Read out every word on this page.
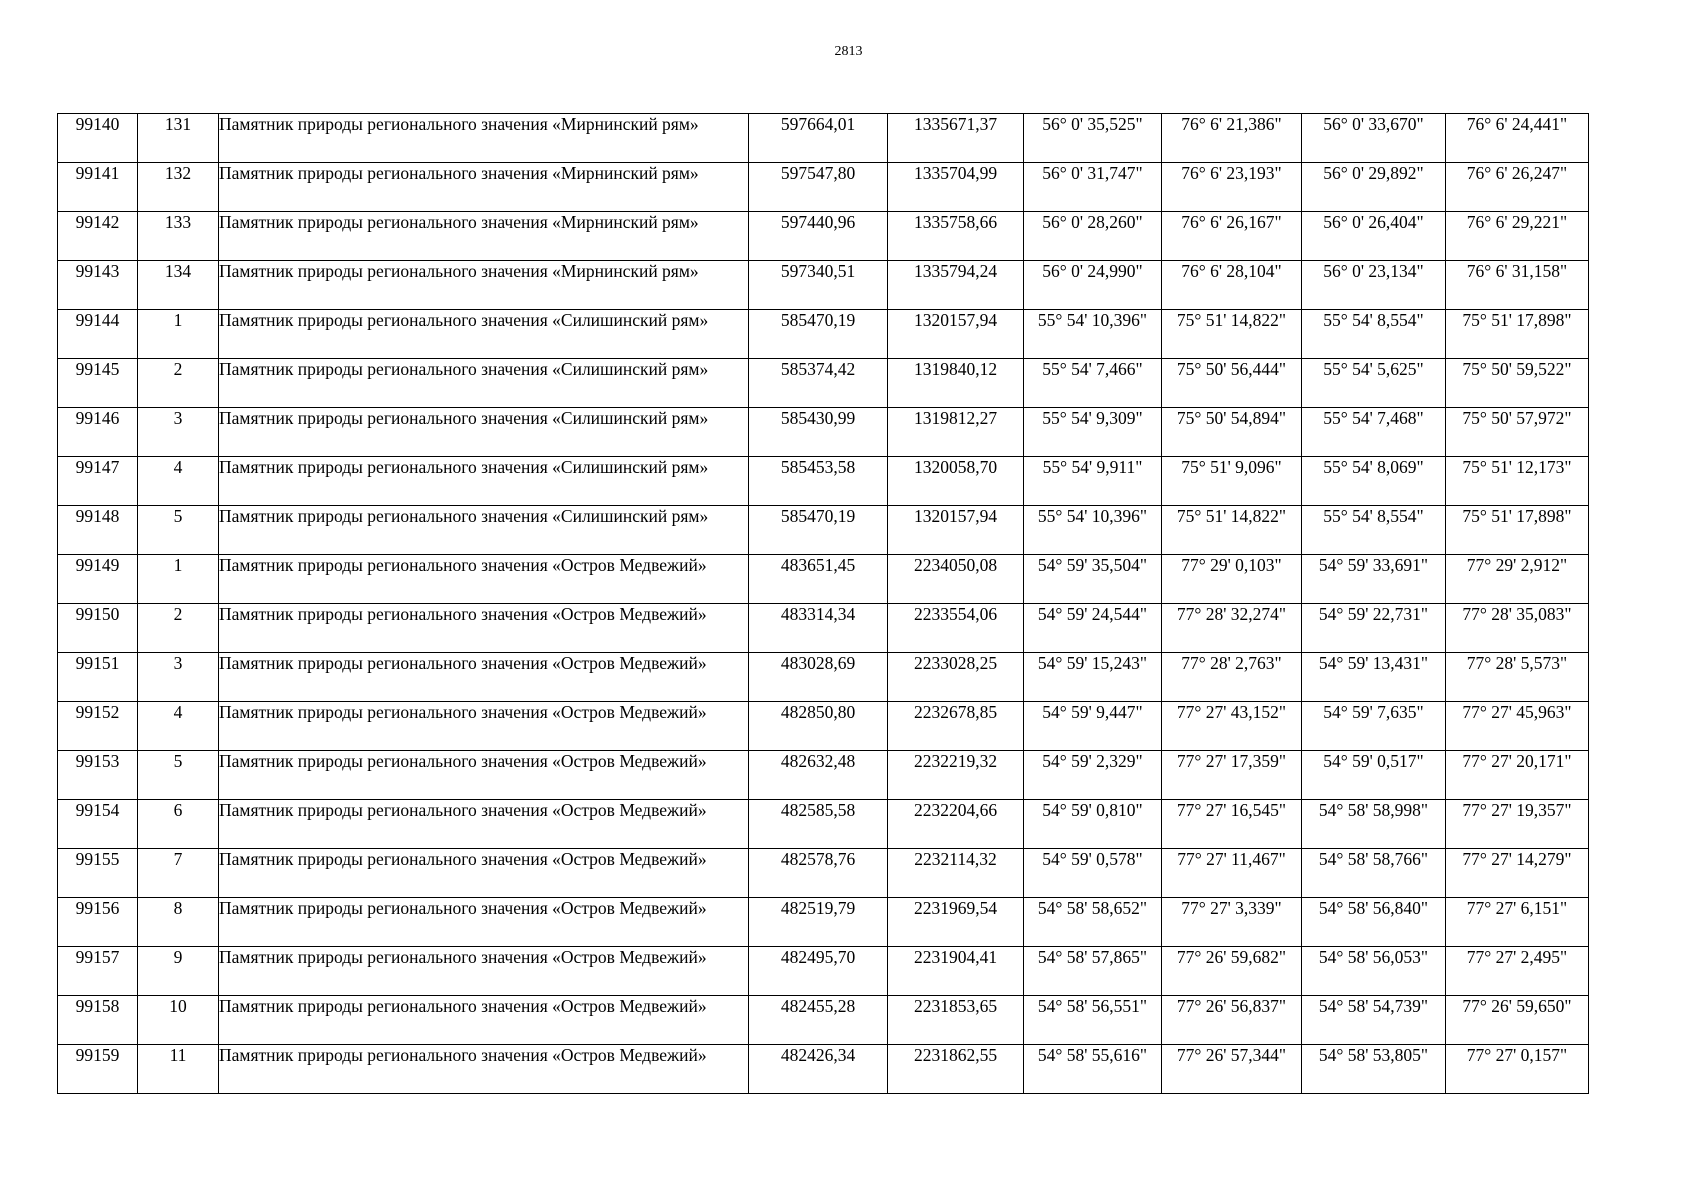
2813
99140	131	Памятник природы регионального значения «Мирнинский рям»	597664,01	1335671,37	56° 0' 35,525"	76° 6' 21,386"	56° 0' 33,670"	76° 6' 24,441"
99141	132	Памятник природы регионального значения «Мирнинский рям»	597547,80	1335704,99	56° 0' 31,747"	76° 6' 23,193"	56° 0' 29,892"	76° 6' 26,247"
99142	133	Памятник природы регионального значения «Мирнинский рям»	597440,96	1335758,66	56° 0' 28,260"	76° 6' 26,167"	56° 0' 26,404"	76° 6' 29,221"
99143	134	Памятник природы регионального значения «Мирнинский рям»	597340,51	1335794,24	56° 0' 24,990"	76° 6' 28,104"	56° 0' 23,134"	76° 6' 31,158"
99144	1	Памятник природы регионального значения «Силишинский рям»	585470,19	1320157,94	55° 54' 10,396"	75° 51' 14,822"	55° 54' 8,554"	75° 51' 17,898"
99145	2	Памятник природы регионального значения «Силишинский рям»	585374,42	1319840,12	55° 54' 7,466"	75° 50' 56,444"	55° 54' 5,625"	75° 50' 59,522"
99146	3	Памятник природы регионального значения «Силишинский рям»	585430,99	1319812,27	55° 54' 9,309"	75° 50' 54,894"	55° 54' 7,468"	75° 50' 57,972"
99147	4	Памятник природы регионального значения «Силишинский рям»	585453,58	1320058,70	55° 54' 9,911"	75° 51' 9,096"	55° 54' 8,069"	75° 51' 12,173"
99148	5	Памятник природы регионального значения «Силишинский рям»	585470,19	1320157,94	55° 54' 10,396"	75° 51' 14,822"	55° 54' 8,554"	75° 51' 17,898"
99149	1	Памятник природы регионального значения «Остров Медвежий»	483651,45	2234050,08	54° 59' 35,504"	77° 29' 0,103"	54° 59' 33,691"	77° 29' 2,912"
99150	2	Памятник природы регионального значения «Остров Медвежий»	483314,34	2233554,06	54° 59' 24,544"	77° 28' 32,274"	54° 59' 22,731"	77° 28' 35,083"
99151	3	Памятник природы регионального значения «Остров Медвежий»	483028,69	2233028,25	54° 59' 15,243"	77° 28' 2,763"	54° 59' 13,431"	77° 28' 5,573"
99152	4	Памятник природы регионального значения «Остров Медвежий»	482850,80	2232678,85	54° 59' 9,447"	77° 27' 43,152"	54° 59' 7,635"	77° 27' 45,963"
99153	5	Памятник природы регионального значения «Остров Медвежий»	482632,48	2232219,32	54° 59' 2,329"	77° 27' 17,359"	54° 59' 0,517"	77° 27' 20,171"
99154	6	Памятник природы регионального значения «Остров Медвежий»	482585,58	2232204,66	54° 59' 0,810"	77° 27' 16,545"	54° 58' 58,998"	77° 27' 19,357"
99155	7	Памятник природы регионального значения «Остров Медвежий»	482578,76	2232114,32	54° 59' 0,578"	77° 27' 11,467"	54° 58' 58,766"	77° 27' 14,279"
99156	8	Памятник природы регионального значения «Остров Медвежий»	482519,79	2231969,54	54° 58' 58,652"	77° 27' 3,339"	54° 58' 56,840"	77° 27' 6,151"
99157	9	Памятник природы регионального значения «Остров Медвежий»	482495,70	2231904,41	54° 58' 57,865"	77° 26' 59,682"	54° 58' 56,053"	77° 27' 2,495"
99158	10	Памятник природы регионального значения «Остров Медвежий»	482455,28	2231853,65	54° 58' 56,551"	77° 26' 56,837"	54° 58' 54,739"	77° 26' 59,650"
99159	11	Памятник природы регионального значения «Остров Медвежий»	482426,34	2231862,55	54° 58' 55,616"	77° 26' 57,344"	54° 58' 53,805"	77° 27' 0,157"
